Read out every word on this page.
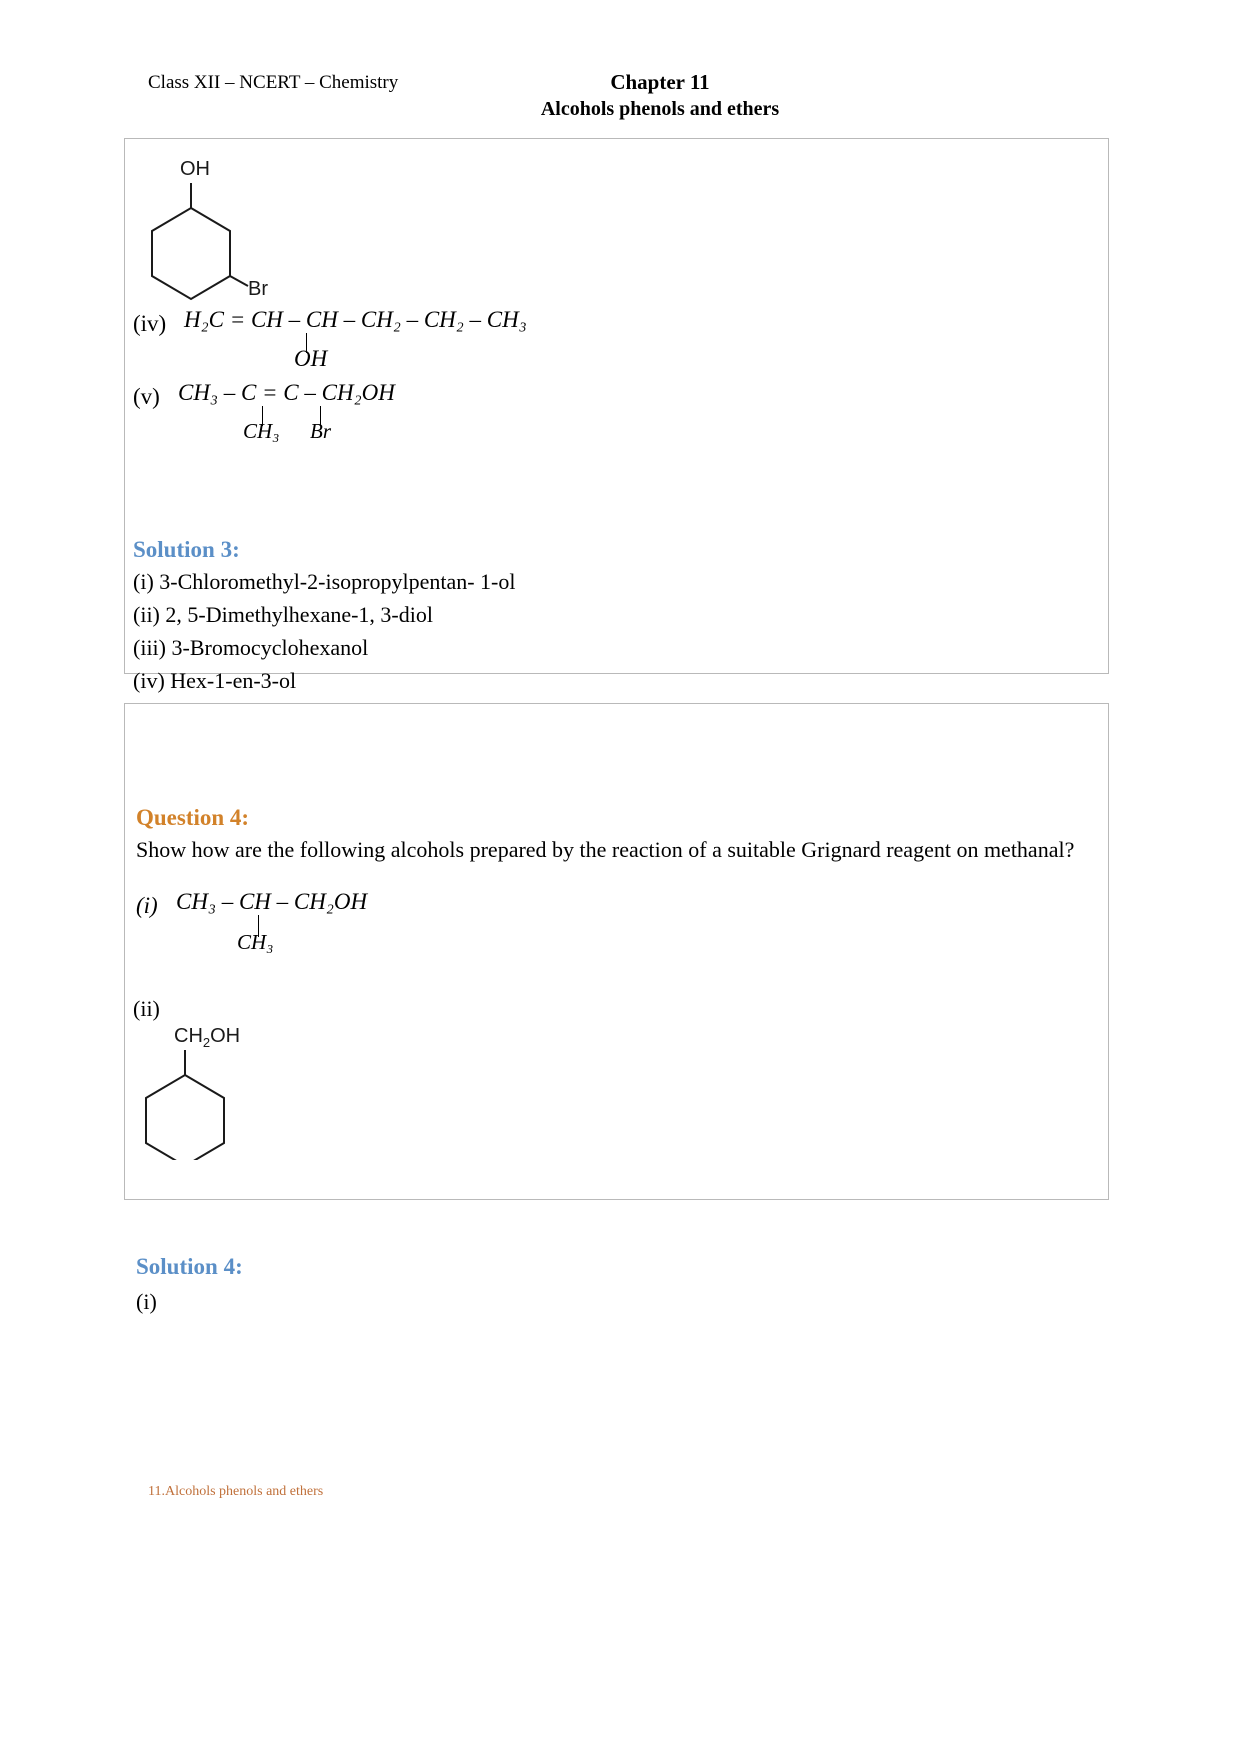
Class XII – NCERT – Chemistry	Chapter 11
Alcohols phenols and ethers
OH
Br
(iv) H₂C = CH – CH – CH₂ – CH₂ – CH₃
OH
(v) CH₃ – C = C – CH₂OH
CH₃ Br
Solution 3:
(i) 3-Chloromethyl-2-isopropylpentan- 1-ol
(ii) 2, 5-Dimethylhexane-1, 3-diol
(iii) 3-Bromocyclohexanol
(iv) Hex-1-en-3-ol
Question 4:
Show how are the following alcohols prepared by the reaction of a suitable Grignard reagent on methanal?
(i) CH₃ – CH – CH₂OH
CH₃
(ii)
$CH_2OH$
Solution 4:
(i)
11.Alcohols phenols and ethers
